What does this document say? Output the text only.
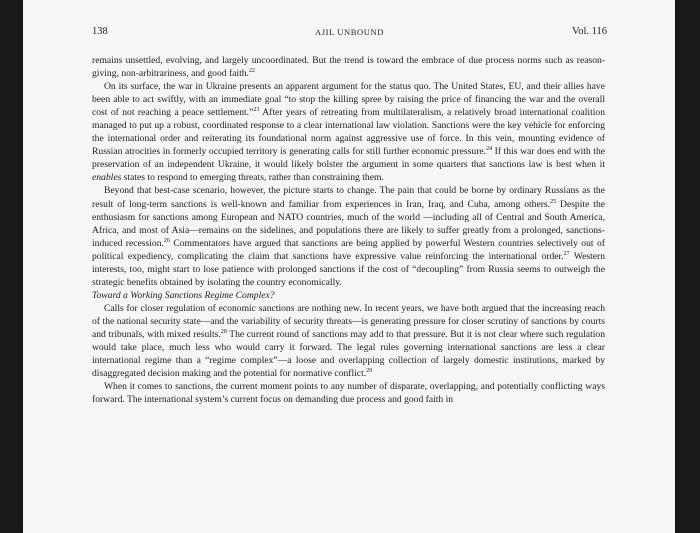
138	AJIL UNBOUND	Vol. 116

remains unsettled, evolving, and largely uncoordinated. But the trend is toward the embrace of due process norms such as reason-giving, non-arbitrariness, and good faith.$^{22}$

On its surface, the war in Ukraine presents an apparent argument for the status quo. The United States, EU, and their allies have been able to act swiftly, with an immediate goal “to stop the killing spree by raising the price of financing the war and the overall cost of not reaching a peace settlement.”$^{23}$ After years of retreating from multilateralism, a relatively broad international coalition managed to put up a robust, coordinated response to a clear international law violation. Sanctions were the key vehicle for enforcing the international order and reiterating its foundational norm against aggressive use of force. In this vein, mounting evidence of Russian atrocities in formerly occupied territory is generating calls for still further economic pressure.$^{24}$ If this war does end with the preservation of an independent Ukraine, it would likely bolster the argument in some quarters that sanctions law is best when it enables states to respond to emerging threats, rather than constraining them.

Beyond that best-case scenario, however, the picture starts to change. The pain that could be borne by ordinary Russians as the result of long-term sanctions is well-known and familiar from experiences in Iran, Iraq, and Cuba, among others.$^{25}$ Despite the enthusiasm for sanctions among European and NATO countries, much of the world —including all of Central and South America, Africa, and most of Asia—remains on the sidelines, and populations there are likely to suffer greatly from a prolonged, sanctions-induced recession.$^{26}$ Commentators have argued that sanctions are being applied by powerful Western countries selectively out of political expediency, complicating the claim that sanctions have expressive value reinforcing the international order.$^{27}$ Western interests, too, might start to lose patience with prolonged sanctions if the cost of “decoupling” from Russia seems to outweigh the strategic benefits obtained by isolating the country economically.

Toward a Working Sanctions Regime Complex?

Calls for closer regulation of economic sanctions are nothing new. In recent years, we have both argued that the increasing reach of the national security state—and the variability of security threats—is generating pressure for closer scrutiny of sanctions by courts and tribunals, with mixed results.$^{28}$ The current round of sanctions may add to that pressure. But it is not clear where such regulation would take place, much less who would carry it forward. The legal rules governing international sanctions are less a clear international regime than a “regime complex”—a loose and overlapping collection of largely domestic institutions, marked by disaggregated decision making and the potential for normative conflict.$^{29}$

When it comes to sanctions, the current moment points to any number of disparate, overlapping, and potentially conflicting ways forward. The international system’s current focus on demanding due process and good faith in
